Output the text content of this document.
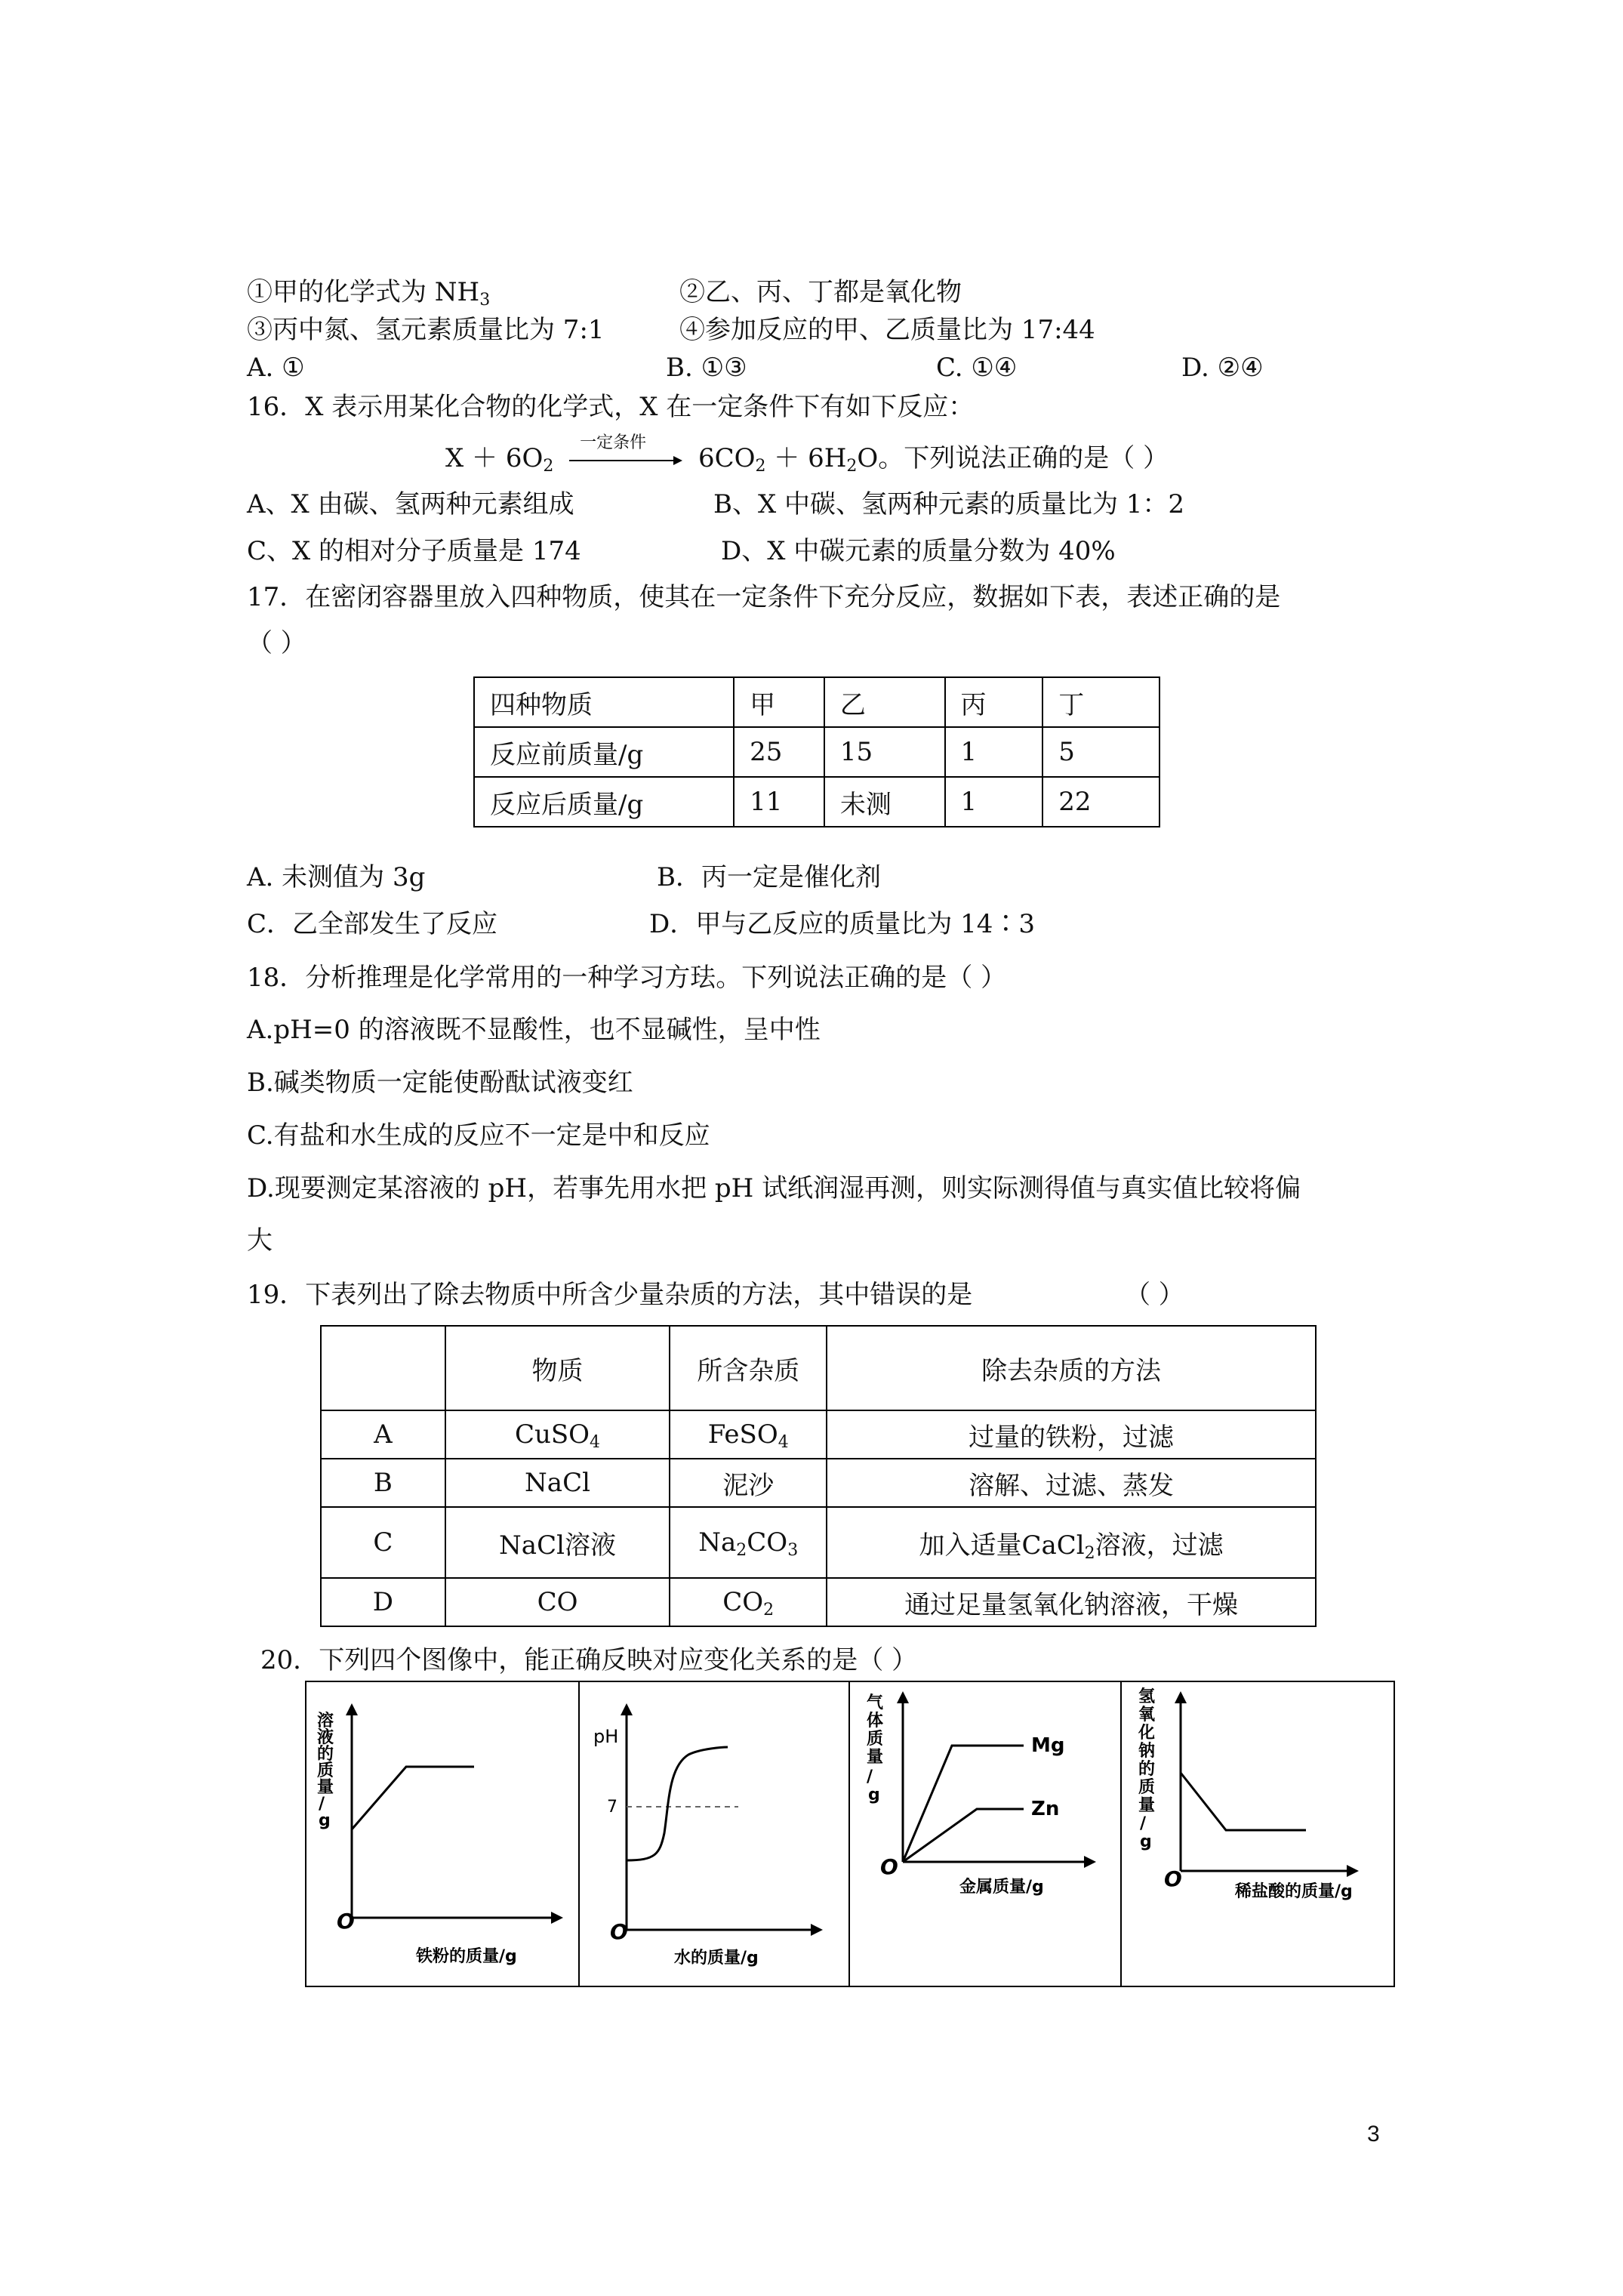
①甲的化学式为 $NH_3$	②乙、丙、丁都是氧化物
③丙中氮、氢元素质量比为 7:1	④参加反应的甲、乙质量比为 17:44
A. ①	B. ①③	C. ①④	D. ②④
16．X 表示用某化合物的化学式，X 在一定条件下有如下反应：
$X + 6O_2$
一定条件
$6CO_2 + 6H_2O$。下列说法正确的是（ ）
A、X 由碳、氢两种元素组成	B、X 中碳、氢两种元素的质量比为 1：2
C、X 的相对分子质量是 174	D、X 中碳元素的质量分数为 40%
17．在密闭容器里放入四种物质，使其在一定条件下充分反应，数据如下表，表述正确的是
（ ）
四种物质	甲	乙	丙	丁
反应前质量/g	25	15	1	5
反应后质量/g	11	未测	1	22
A. 未测值为 3g	B．丙一定是催化剂
C．乙全部发生了反应	D．甲与乙反应的质量比为 14∶3
18．分析推理是化学常用的一种学习方珐。下列说法正确的是（ ）
A.pH=0 的溶液既不显酸性，也不显碱性，呈中性
B.碱类物质一定能使酚酞试液变红
C.有盐和水生成的反应不一定是中和反应
D.现要测定某溶液的 pH，若事先用水把 pH 试纸润湿再测，则实际测得值与真实值比较将偏
大
19．下表列出了除去物质中所含少量杂质的方法，其中错误的是	（ ）
	物质	所含杂质	除去杂质的方法
A	CuSO$_4$	FeSO$_4$	过量的铁粉，过滤
B	NaCl	泥沙	溶解、过滤、蒸发
C	NaCl溶液	$Na_2CO_3$	加入适量CaCl$_2$溶液，过滤
D	CO	$CO_2$	通过足量氢氧化钠溶液，干燥
20．下列四个图像中，能正确反映对应变化关系的是（ ）
溶
液
的
质
量
/
g
O
铁粉的质量/g
pH
7
O
水的质量/g
气
体
质
量
/
g
O
金属质量/g
Mg
Zn
氢
氧
化
钠
的
质
量
/
g
O
稀盐酸的质量/g
3
